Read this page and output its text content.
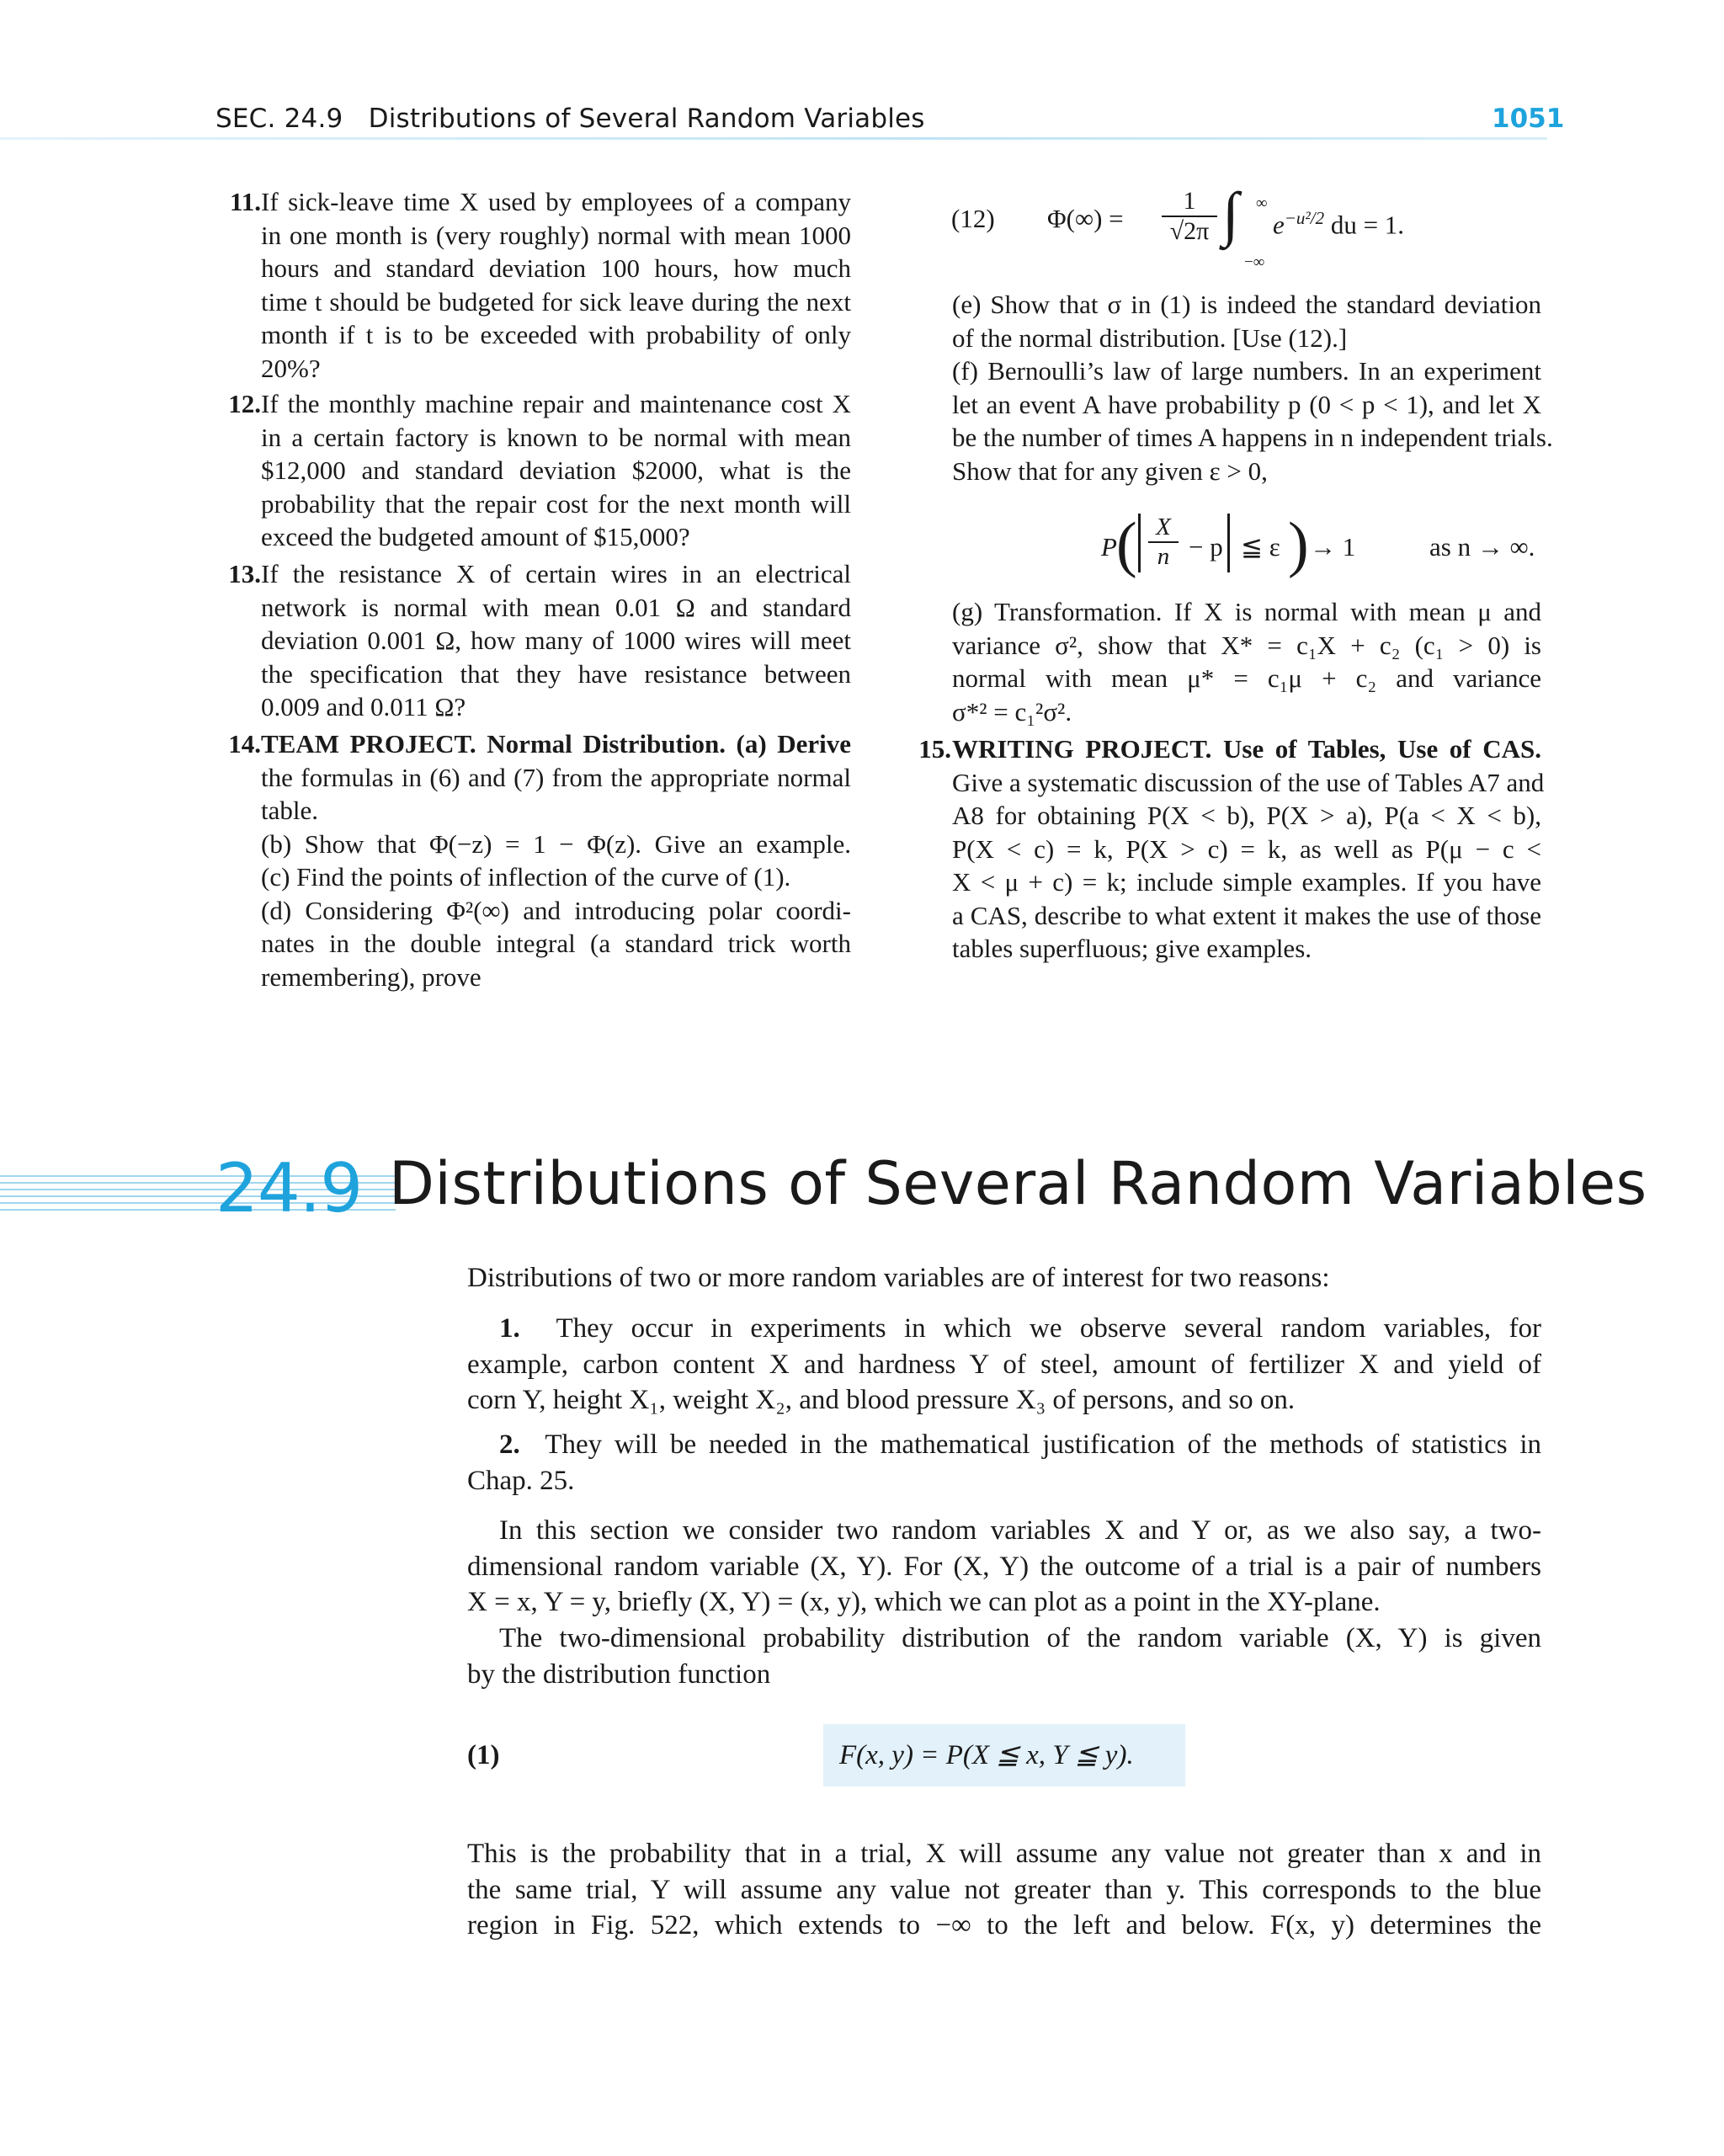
SEC. 24.9 Distributions of Several Random Variables	1051
11. If sick-leave time X used by employees of a company
in one month is (very roughly) normal with mean 1000
hours and standard deviation 100 hours, how much
time t should be budgeted for sick leave during the next
month if t is to be exceeded with probability of only
20%?
12. If the monthly machine repair and maintenance cost X
in a certain factory is known to be normal with mean
$12,000 and standard deviation $2000, what is the
probability that the repair cost for the next month will
exceed the budgeted amount of $15,000?
13. If the resistance X of certain wires in an electrical
network is normal with mean 0.01 Ω and standard
deviation 0.001 Ω, how many of 1000 wires will meet
the specification that they have resistance between
0.009 and 0.011 Ω?
14. TEAM PROJECT. Normal Distribution. (a) Derive
the formulas in (6) and (7) from the appropriate normal
table.
(b) Show that Φ(−z) = 1 − Φ(z). Give an example.
(c) Find the points of inflection of the curve of (1).
(d) Considering Φ²(∞) and introducing polar coordi-
nates in the double integral (a standard trick worth
remembering), prove
(12) $\Phi(\infty) = \frac{1}{√2\pi}$ ∫ ∞
−∞
$e^{-u^2/2}$ du = 1.
(e) Show that σ in (1) is indeed the standard deviation
of the normal distribution. [Use (12).]
(f) Bernoulli’s law of large numbers. In an experiment
let an event A have probability p (0 < p < 1), and let X
be the number of times A happens in n independent trials.
Show that for any given ε > 0,
P ( $\frac{X}{n} - p$ ≦ ε ) → 1	as n → ∞.
(g) Transformation. If X is normal with mean μ and
variance σ², show that X* = c₁X + c₂ (c₁ > 0) is
normal with mean μ* = c₁μ + c₂ and variance
σ*² = c₁²σ².
15. WRITING PROJECT. Use of Tables, Use of CAS.
Give a systematic discussion of the use of Tables A7 and
A8 for obtaining P(X < b), P(X > a), P(a < X < b),
P(X < c) = k, P(X > c) = k, as well as P(μ − c <
X < μ + c) = k; include simple examples. If you have
a CAS, describe to what extent it makes the use of those
tables superfluous; give examples.
24.9 Distributions of Several Random Variables
Distributions of two or more random variables are of interest for two reasons:
1. They occur in experiments in which we observe several random variables, for
example, carbon content X and hardness Y of steel, amount of fertilizer X and yield of
corn Y, height X₁, weight X₂, and blood pressure X₃ of persons, and so on.
2. They will be needed in the mathematical justification of the methods of statistics in
Chap. 25.
In this section we consider two random variables X and Y or, as we also say, a two-
dimensional random variable (X, Y). For (X, Y) the outcome of a trial is a pair of numbers
X = x, Y = y, briefly (X, Y) = (x, y), which we can plot as a point in the XY-plane.
The two-dimensional probability distribution of the random variable (X, Y) is given
by the distribution function
(1)	F(x, y) = P(X ≦ x, Y ≦ y).
This is the probability that in a trial, X will assume any value not greater than x and in
the same trial, Y will assume any value not greater than y. This corresponds to the blue
region in Fig. 522, which extends to −∞ to the left and below. F(x, y) determines the
